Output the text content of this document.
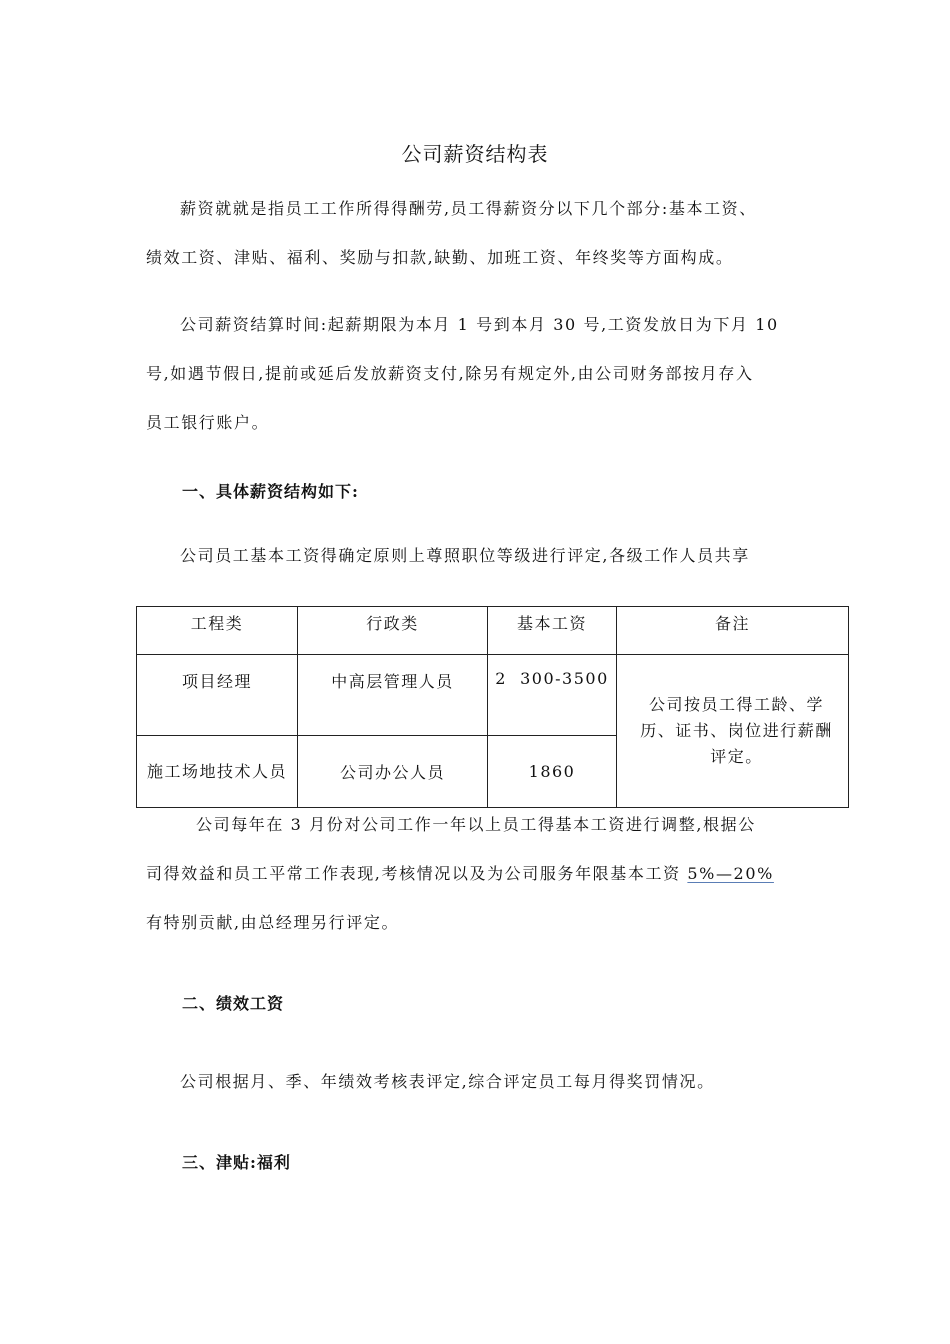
公司薪资结构表
薪资就就是指员工工作所得得酬劳,员工得薪资分以下几个部分:基本工资、
绩效工资、津贴、福利、奖励与扣款,缺勤、加班工资、年终奖等方面构成。
公司薪资结算时间:起薪期限为本月 1 号到本月 30 号,工资发放日为下月 10
号,如遇节假日,提前或延后发放薪资支付,除另有规定外,由公司财务部按月存入
员工银行账户。
一、具体薪资结构如下:
公司员工基本工资得确定原则上尊照职位等级进行评定,各级工作人员共享
工程类	行政类	基本工资	备注
项目经理	中高层管理人员	2  300-3500	公司按员工得工龄、学历、证书、岗位进行薪酬评定。
施工场地技术人员	公司办公人员	1860	
公司每年在 3 月份对公司工作一年以上员工得基本工资进行调整,根据公
司得效益和员工平常工作表现,考核情况以及为公司服务年限基本工资 5%—20%
有特别贡献,由总经理另行评定。
二、绩效工资
公司根据月、季、年绩效考核表评定,综合评定员工每月得奖罚情况。
三、津贴:福利
